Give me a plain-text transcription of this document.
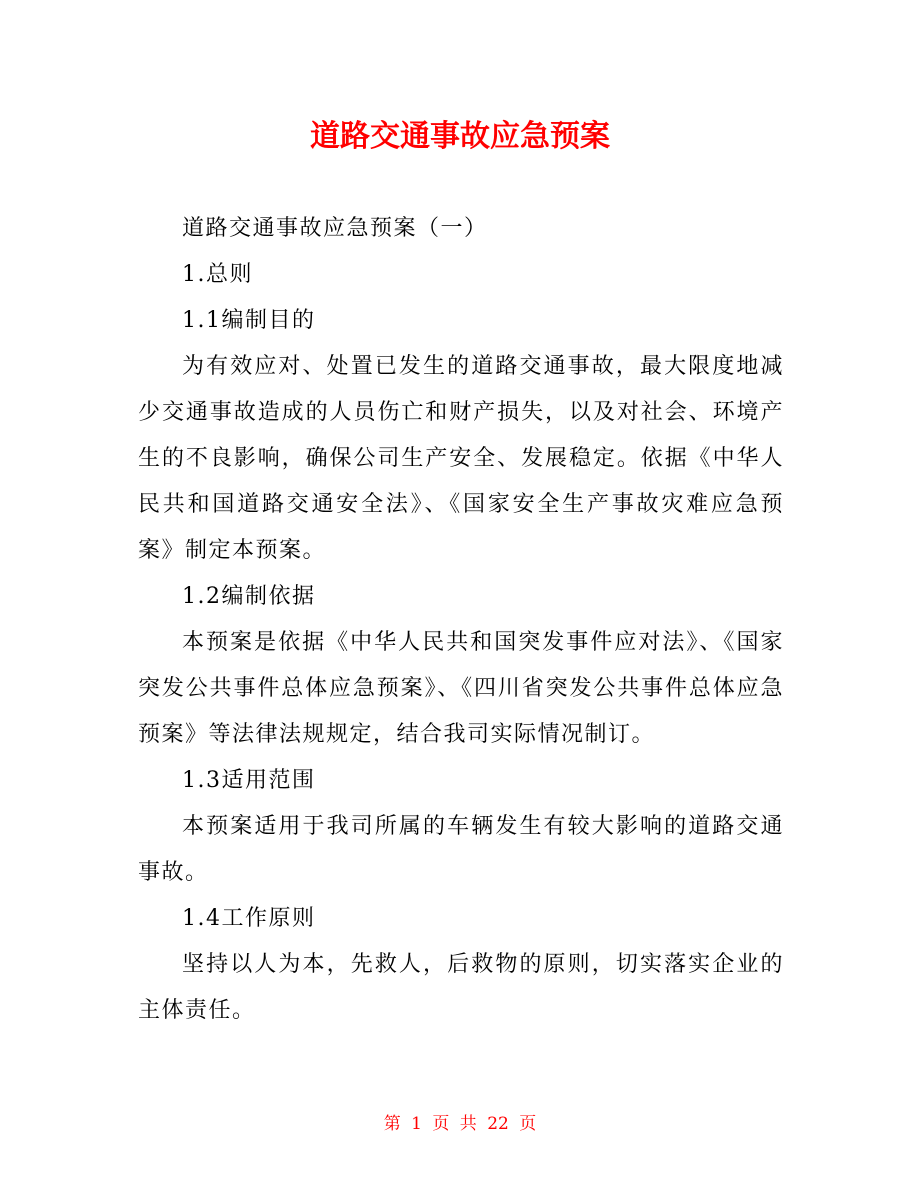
道路交通事故应急预案

道路交通事故应急预案（一）

1.总则

1.1编制目的

为有效应对、处置已发生的道路交通事故，最大限度地减少交通事故造成的人员伤亡和财产损失，以及对社会、环境产生的不良影响，确保公司生产安全、发展稳定。依据《中华人民共和国道路交通安全法》、《国家安全生产事故灾难应急预案》制定本预案。

1.2编制依据

本预案是依据《中华人民共和国突发事件应对法》、《国家突发公共事件总体应急预案》、《四川省突发公共事件总体应急预案》等法律法规规定，结合我司实际情况制订。

1.3适用范围

本预案适用于我司所属的车辆发生有较大影响的道路交通事故。

1.4工作原则

坚持以人为本，先救人，后救物的原则，切实落实企业的主体责任。

第 1 页 共 22 页
